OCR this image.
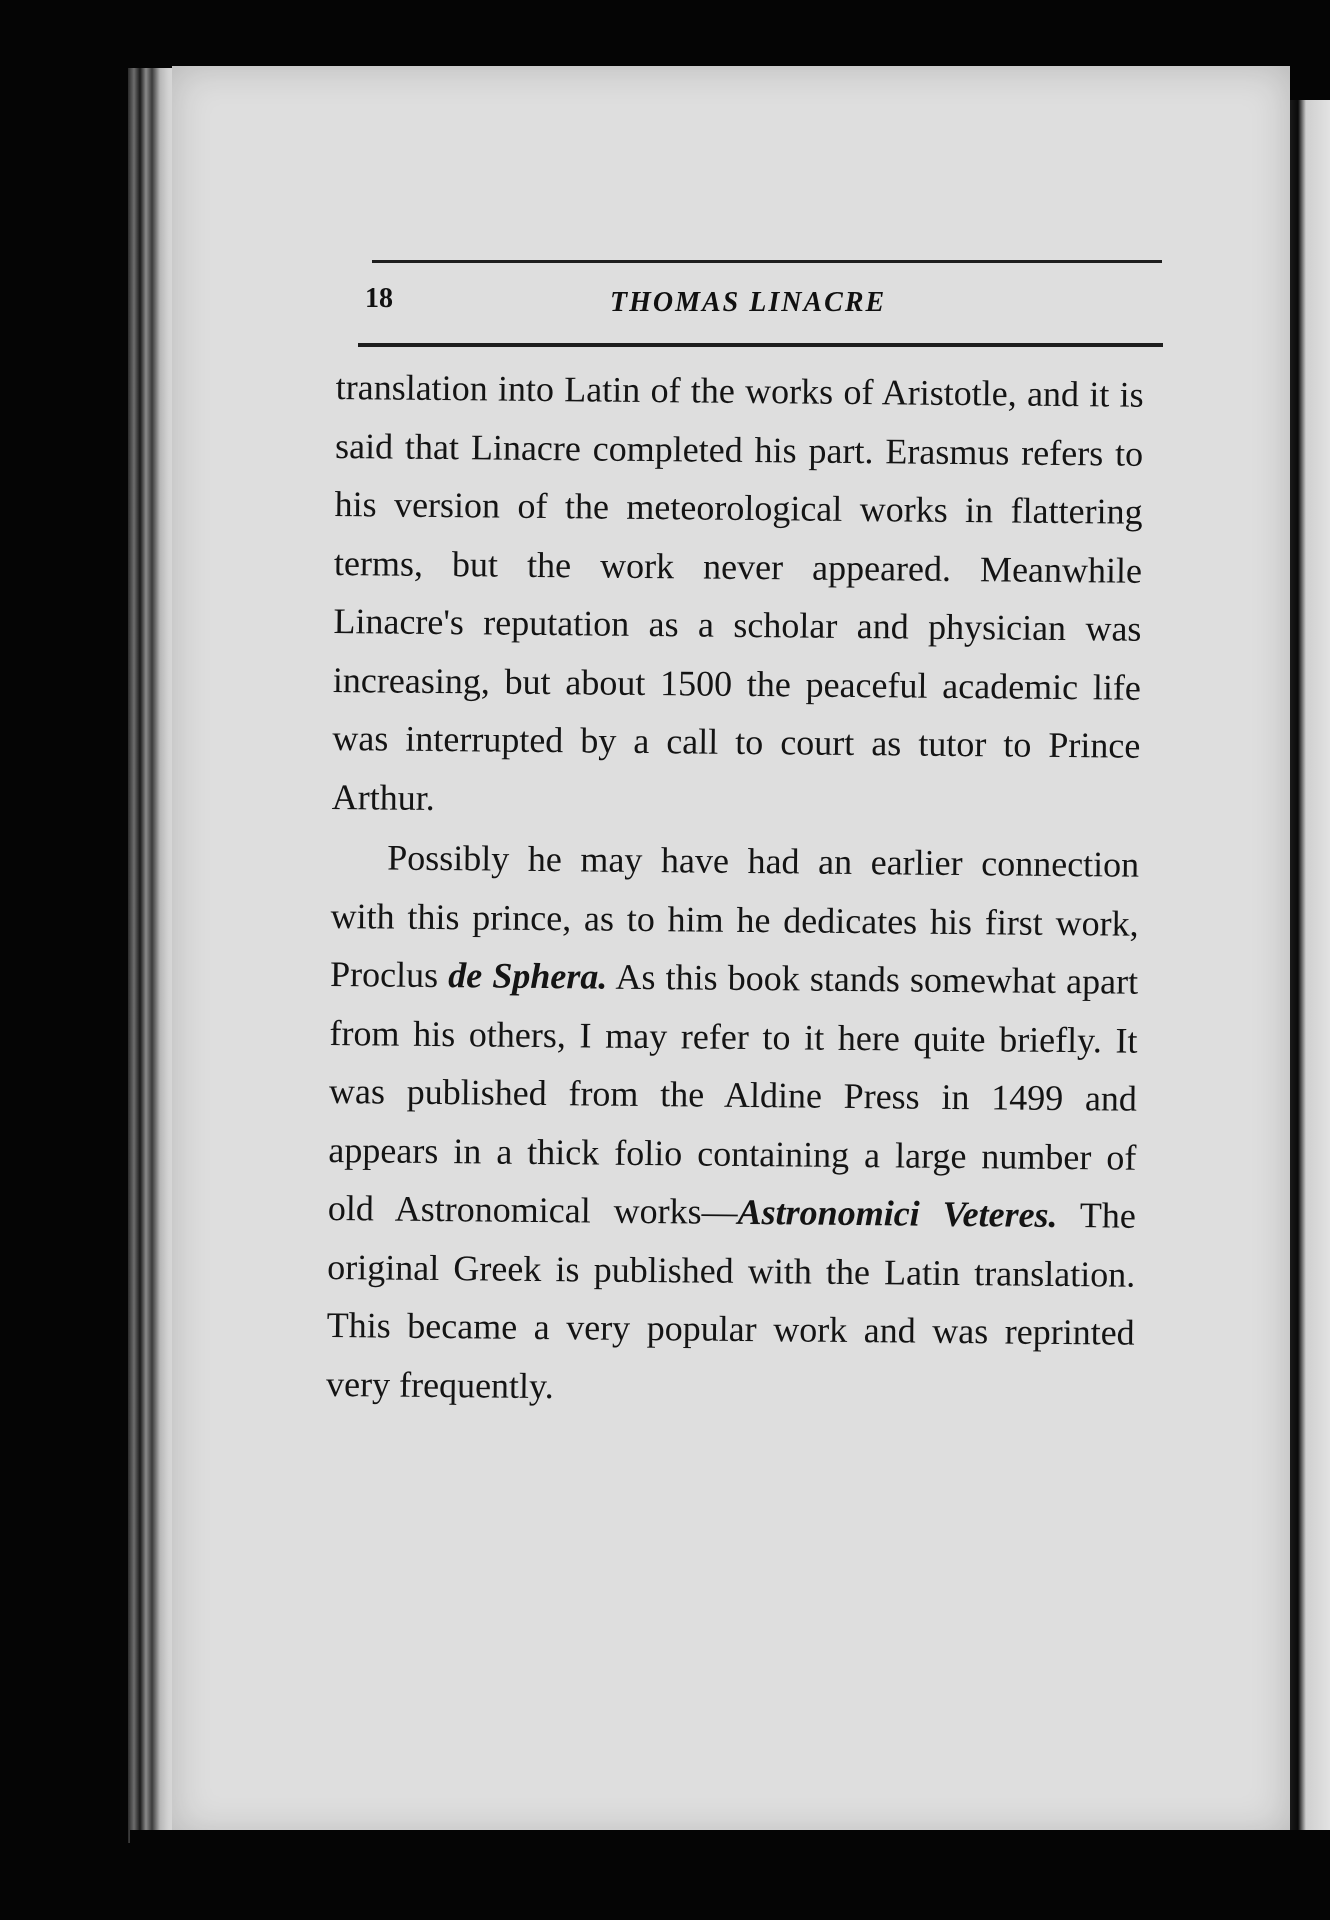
18	THOMAS LINACRE

translation into Latin of the works of Aristotle, and it is said that Linacre completed his part. Erasmus refers to his version of the meteorological works in flattering terms, but the work never appeared. Meanwhile Linacre's reputation as a scholar and physician was increasing, but about 1500 the peaceful academic life was interrupted by a call to court as tutor to Prince Arthur.

Possibly he may have had an earlier connection with this prince, as to him he dedicates his first work, Proclus de Sphera. As this book stands somewhat apart from his others, I may refer to it here quite briefly. It was published from the Aldine Press in 1499 and appears in a thick folio containing a large number of old Astronomical works—Astronomici Veteres. The original Greek is published with the Latin translation. This became a very popular work and was reprinted very frequently.
